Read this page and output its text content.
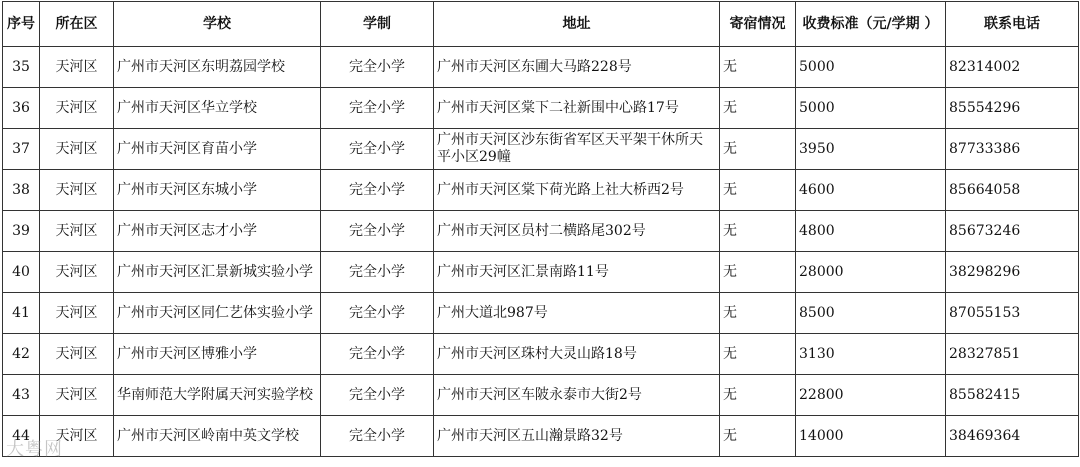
序号	所在区	学校	学制	地址	寄宿情况	收费标准（元/学期 ）	联系电话
35	天河区	广州市天河区东明荔园学校	完全小学	广州市天河区东圃大马路228号	无	5000	82314002
36	天河区	广州市天河区华立学校	完全小学	广州市天河区棠下二社新围中心路17号	无	5000	85554296
37	天河区	广州市天河区育苗小学	完全小学	广州市天河区沙东街省军区天平架干休所天平小区29幢	无	3950	87733386
38	天河区	广州市天河区东城小学	完全小学	广州市天河区棠下荷光路上社大桥西2号	无	4600	85664058
39	天河区	广州市天河区志才小学	完全小学	广州市天河区员村二横路尾302号	无	4800	85673246
40	天河区	广州市天河区汇景新城实验小学	完全小学	广州市天河区汇景南路11号	无	28000	38298296
41	天河区	广州市天河区同仁艺体实验小学	完全小学	广州大道北987号	无	8500	87055153
42	天河区	广州市天河区博雅小学	完全小学	广州市天河区珠村大灵山路18号	无	3130	28327851
43	天河区	华南师范大学附属天河实验学校	完全小学	广州市天河区车陂永泰市大街2号	无	22800	85582415
44	天河区	广州市天河区岭南中英文学校	完全小学	广州市天河区五山瀚景路32号	无	14000	38469364
大粤网
